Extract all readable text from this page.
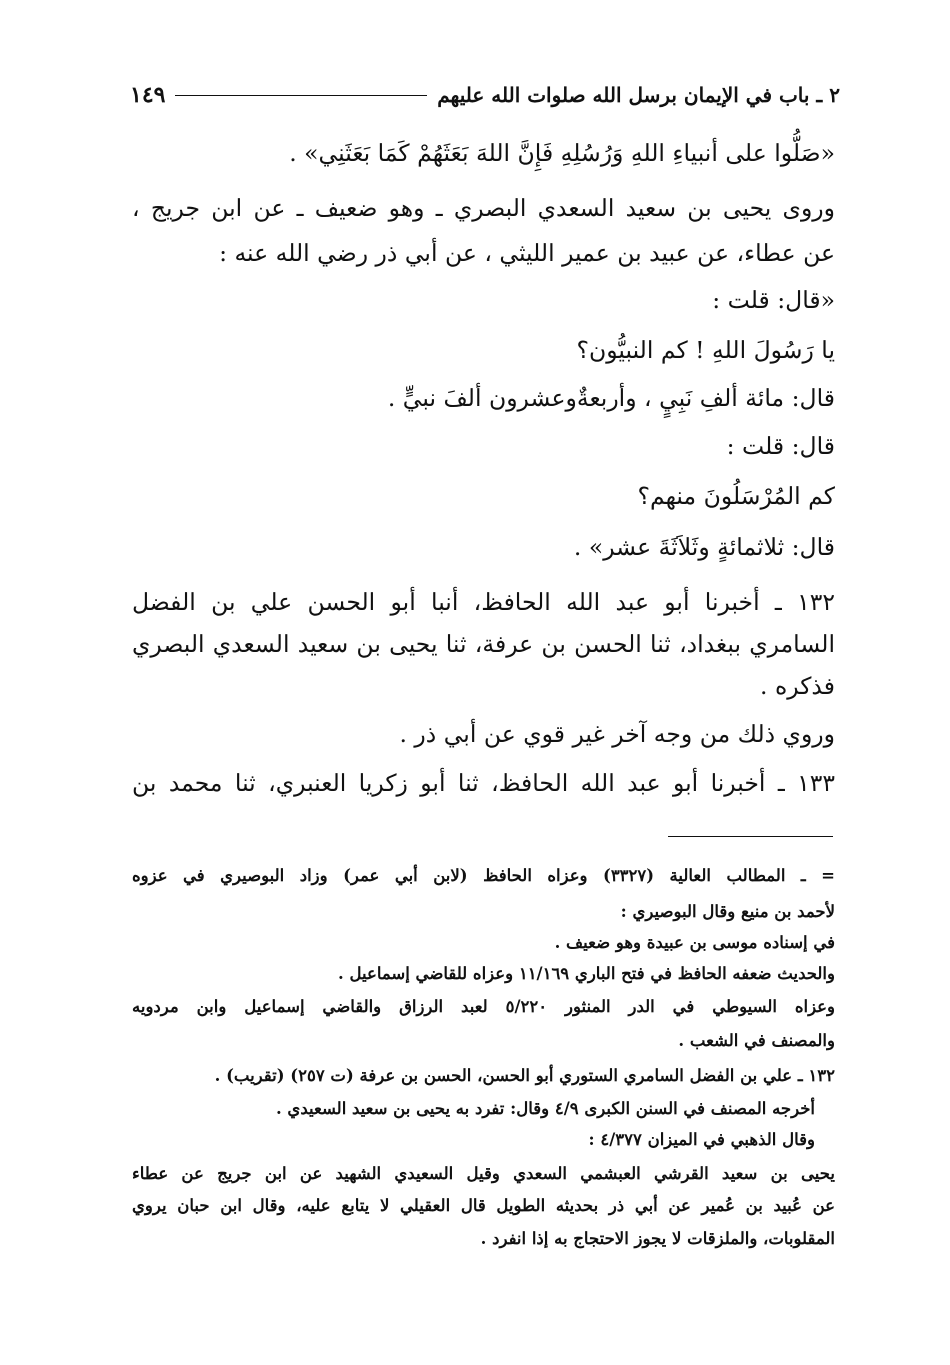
٢ ـ باب في الإيمان برسل الله صلوات الله عليهم
١٤٩
«صَلُّوا على أنبياءِ اللهِ وَرُسُلِهِ فَإِنَّ اللهَ بَعَثَهُمْ كَمَا بَعَثَنِي» .
وروى يحيى بن سعيد السعدي البصري ـ وهو ضعيف ـ عن ابن جريج ،
عن عطاء، عن عبيد بن عمير الليثي ، عن أبي ذر رضي الله عنه :
«قال: قلت :
يا رَسُولَ اللهِ ! كم النبيُّون؟
قال: مائة ألفِ نَبِيٍ ، وأربعةٌوعشرون ألفَ نبيٍّ .
قال: قلت :
كم المُرْسَلُونَ منهم؟
قال: ثلاثمائةٍ وثَلاَثَةَ عشر» .
١٣٢ ـ أخبرنا أبو عبد الله الحافظ، أنبا أبو الحسن علي بن الفضل
السامري ببغداد، ثنا الحسن بن عرفة، ثنا يحيى بن سعيد السعدي البصري
فذكره .
وروي ذلك من وجه آخر غير قوي عن أبي ذر .
١٣٣ ـ أخبرنا أبو عبد الله الحافظ، ثنا أبو زكريا العنبري، ثنا محمد بن
= ـ المطالب العالية (٣٣٢٧) وعزاه الحافظ (لابن أبي عمر) وزاد البوصيري في عزوه
لأحمد بن منيع وقال البوصيري :
في إسناده موسى بن عبيدة وهو ضعيف .
والحديث ضعفه الحافظ في فتح الباري ١١/١٦٩ وعزاه للقاضي إسماعيل .
وعزاه السيوطي في الدر المنثور ٥/٢٢٠ لعبد الرزاق والقاضي إسماعيل وابن مردويه
والمصنف في الشعب .
١٣٢ ـ علي بن الفضل السامري الستوري أبو الحسن، الحسن بن عرفة (ت ٢٥٧) (تقريب) .
أخرجه المصنف في السنن الكبرى ٤/٩ وقال: تفرد به يحيى بن سعيد السعيدي .
وقال الذهبي في الميزان ٤/٣٧٧ :
يحيى بن سعيد القرشي العبشمي السعدي وقيل السعيدي الشهيد عن ابن جريج عن عطاء
عن عُبيد بن عُمير عن أبي ذر بحديثه الطويل قال العقيلي لا يتابع عليه، وقال ابن حبان يروي
المقلوبات، والملزقات لا يجوز الاحتجاج به إذا انفرد .
